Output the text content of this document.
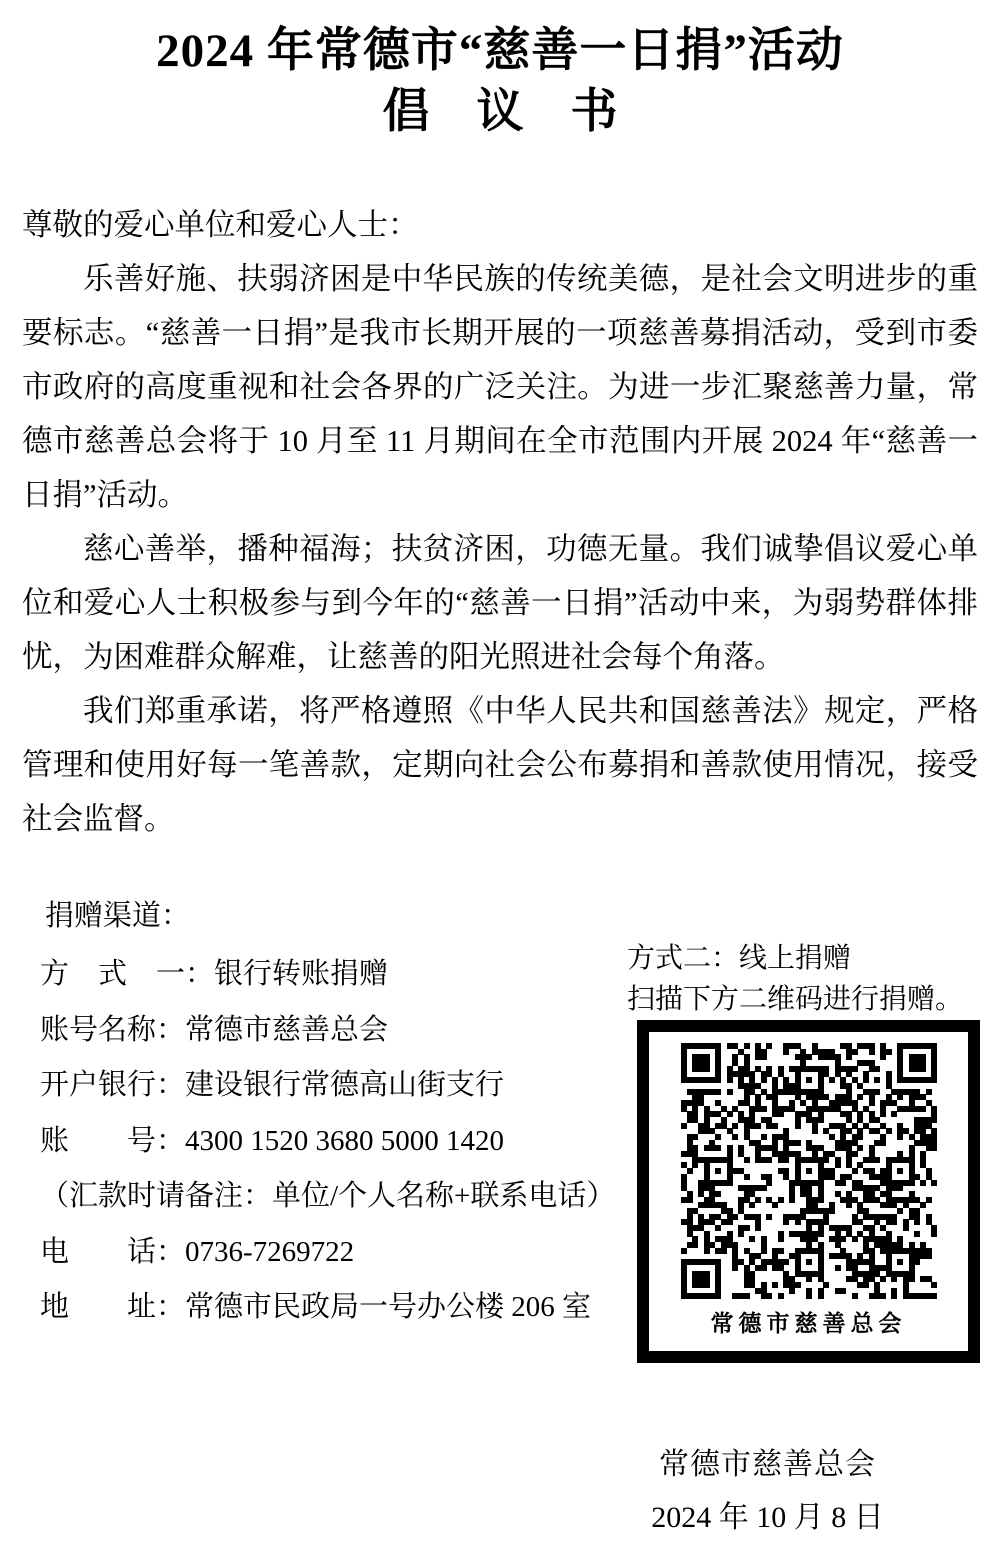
2024 年常德市“慈善一日捐”活动
倡　议　书

尊敬的爱心单位和爱心人士：

乐善好施、扶弱济困是中华民族的传统美德，是社会文明进步的重要标志。“慈善一日捐”是我市长期开展的一项慈善募捐活动，受到市委市政府的高度重视和社会各界的广泛关注。为进一步汇聚慈善力量，常德市慈善总会将于 10 月至 11 月期间在全市范围内开展 2024 年“慈善一日捐”活动。

慈心善举，播种福海；扶贫济困，功德无量。我们诚挚倡议爱心单位和爱心人士积极参与到今年的“慈善一日捐”活动中来，为弱势群体排忧，为困难群众解难，让慈善的阳光照进社会每个角落。

我们郑重承诺，将严格遵照《中华人民共和国慈善法》规定，严格管理和使用好每一笔善款，定期向社会公布募捐和善款使用情况，接受社会监督。

捐赠渠道：
方　式　一：银行转账捐赠
账号名称：常德市慈善总会
开户银行：建设银行常德高山街支行
账　　号：4300 1520 3680 5000 1420
（汇款时请备注：单位/个人名称+联系电话）
电　　话：0736-7269722
地　　址：常德市民政局一号办公楼 206 室
方式二：线上捐赠
扫描下方二维码进行捐赠。
常德市慈善总会
常德市慈善总会
2024 年 10 月 8 日
